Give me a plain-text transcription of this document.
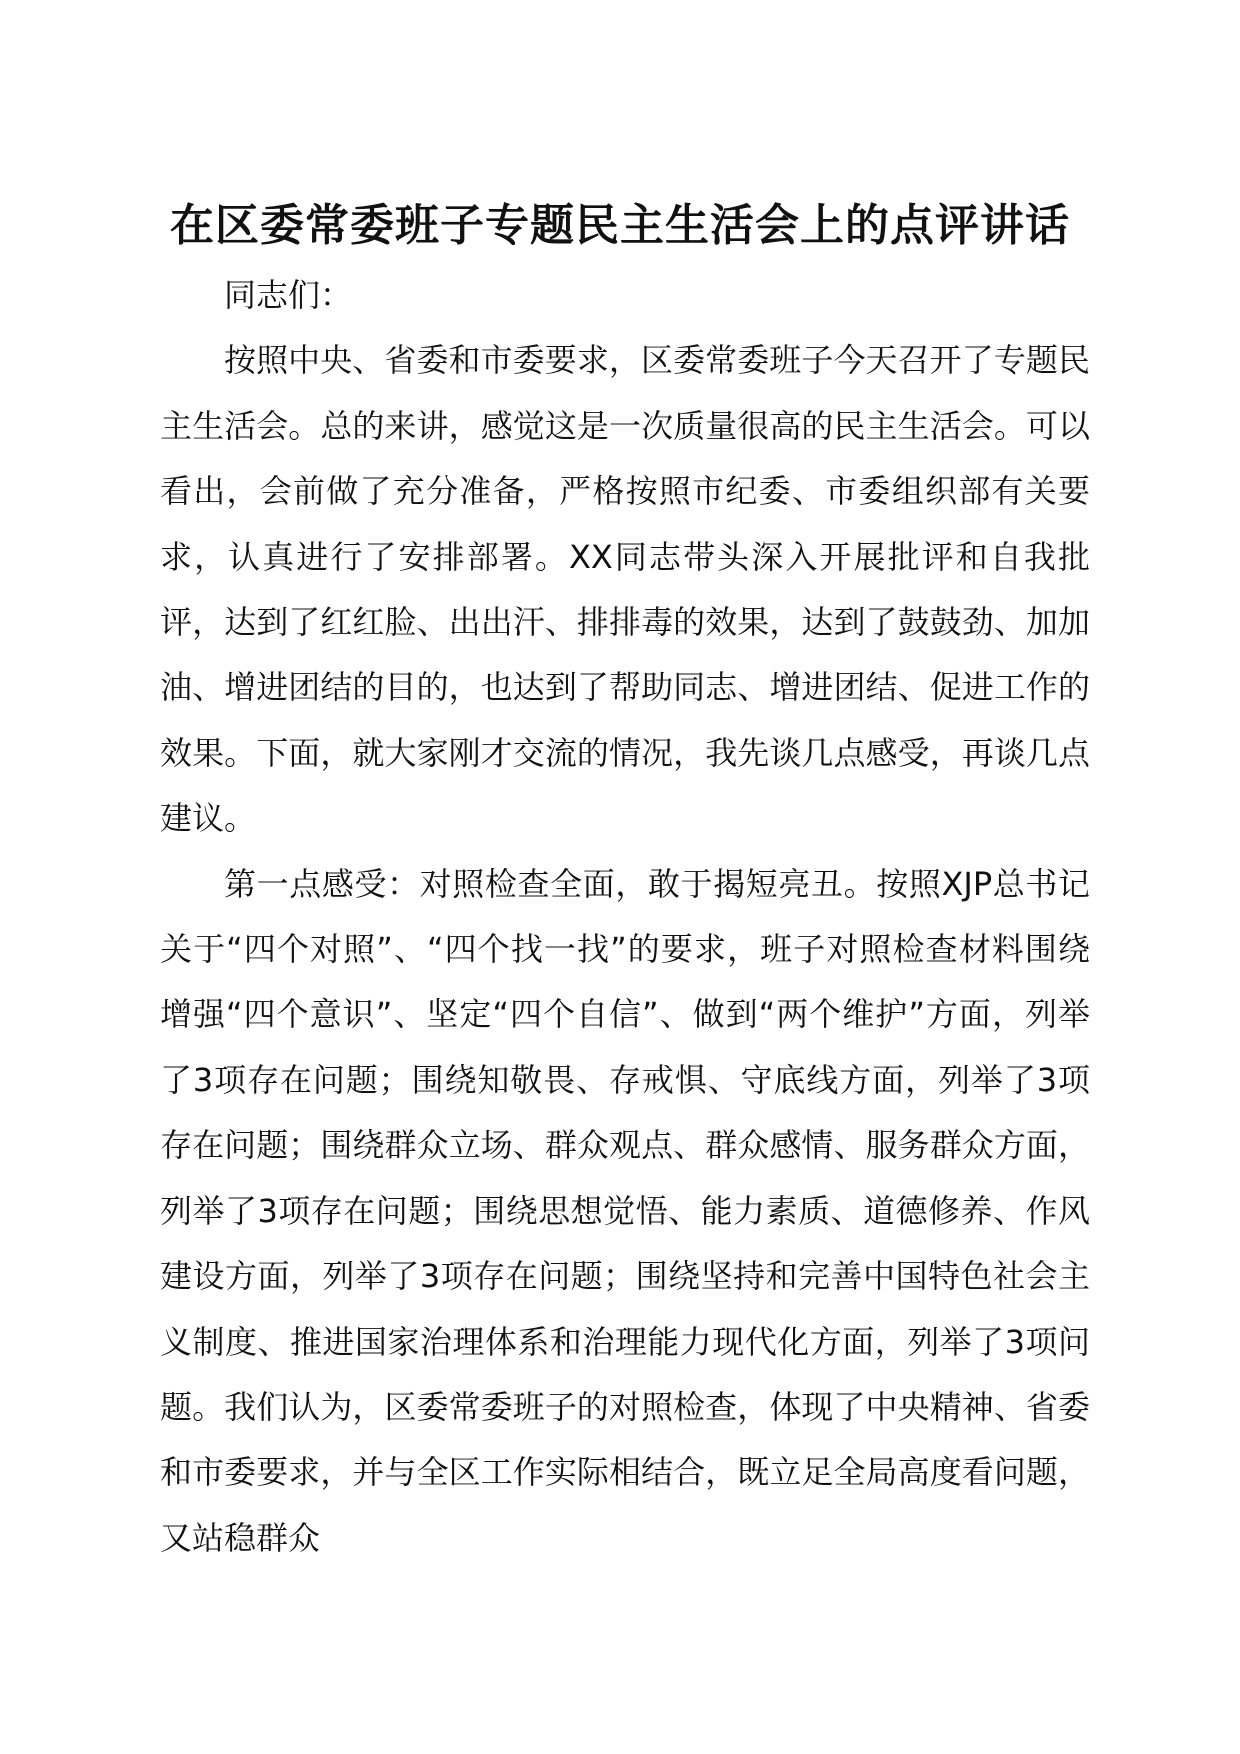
在区委常委班子专题民主生活会上的点评讲话

同志们：

按照中央、省委和市委要求，区委常委班子今天召开了专题民主生活会。总的来讲，感觉这是一次质量很高的民主生活会。可以看出，会前做了充分准备，严格按照市纪委、市委组织部有关要求，认真进行了安排部署。XX同志带头深入开展批评和自我批评，达到了红红脸、出出汗、排排毒的效果，达到了鼓鼓劲、加加油、增进团结的目的，也达到了帮助同志、增进团结、促进工作的效果。下面，就大家刚才交流的情况，我先谈几点感受，再谈几点建议。

第一点感受：对照检查全面，敢于揭短亮丑。按照XJP总书记关于“四个对照”、“四个找一找”的要求，班子对照检查材料围绕增强“四个意识”、坚定“四个自信”、做到“两个维护”方面，列举了3项存在问题；围绕知敬畏、存戒惧、守底线方面，列举了3项存在问题；围绕群众立场、群众观点、群众感情、服务群众方面，列举了3项存在问题；围绕思想觉悟、能力素质、道德修养、作风建设方面，列举了3项存在问题；围绕坚持和完善中国特色社会主义制度、推进国家治理体系和治理能力现代化方面，列举了3项问题。我们认为，区委常委班子的对照检查，体现了中央精神、省委和市委要求，并与全区工作实际相结合，既立足全局高度看问题，又站稳群众
